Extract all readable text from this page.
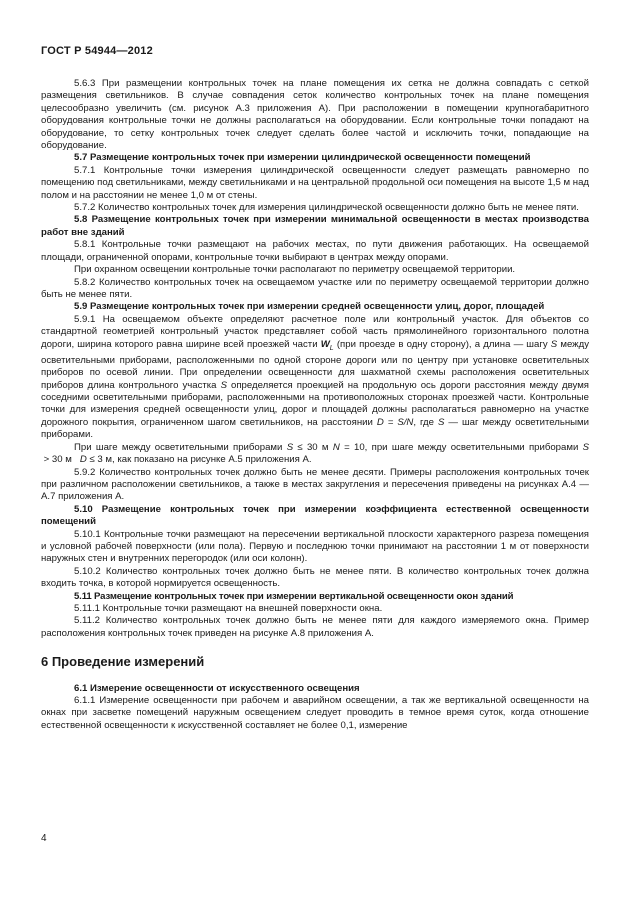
ГОСТ Р 54944—2012

5.6.3 При размещении контрольных точек на плане помещения их сетка не должна совпадать с сеткой размещения светильников. В случае совпадения сеток количество контрольных точек на плане помещения целесообразно увеличить (см. рисунок А.3 приложения А). При расположении в помещении крупногабаритного оборудования контрольные точки не должны располагаться на оборудовании. Если контрольные точки попадают на оборудование, то сетку контрольных точек следует сделать более частой и исключить точки, попадающие на оборудование.

5.7 Размещение контрольных точек при измерении цилиндрической освещенности помещений

5.7.1 Контрольные точки измерения цилиндрической освещенности следует размещать равномерно по помещению под светильниками, между светильниками и на центральной продольной оси помещения на высоте 1,5 м над полом и на расстоянии не менее 1,0 м от стены.

5.7.2 Количество контрольных точек для измерения цилиндрической освещенности должно быть не менее пяти.

5.8 Размещение контрольных точек при измерении минимальной освещенности в местах производства работ вне зданий

5.8.1 Контрольные точки размещают на рабочих местах, по пути движения работающих. На освещаемой площади, ограниченной опорами, контрольные точки выбирают в центрах между опорами.

При охранном освещении контрольные точки располагают по периметру освещаемой территории.

5.8.2 Количество контрольных точек на освещаемом участке или по периметру освещаемой территории должно быть не менее пяти.

5.9 Размещение контрольных точек при измерении средней освещенности улиц, дорог, площадей

5.9.1 На освещаемом объекте определяют расчетное поле или контрольный участок. Для объектов со стандартной геометрией контрольный участок представляет собой часть прямолинейного горизонтального полотна дороги, ширина которого равна ширине всей проезжей части $W_L$ (при проезде в одну сторону), а длина — шагу S между осветительными приборами, расположенными по одной стороне дороги или по центру при установке осветительных приборов по осевой линии. При определении освещенности для шахматной схемы расположения осветительных приборов длина контрольного участка S определяется проекцией на продольную ось дороги расстояния между двумя соседними осветительными приборами, расположенными на противоположных сторонах проезжей части. Контрольные точки для измерения средней освещенности улиц, дорог и площадей должны располагаться равномерно на участке дорожного покрытия, ограниченном шагом светильников, на расстоянии D = S/N, где S — шаг между осветительными приборами.

При шаге между осветительными приборами S ≤ 30 м N = 10, при шаге между осветительными приборами S > 30 м   D ≤ 3 м, как показано на рисунке А.5 приложения А.

5.9.2 Количество контрольных точек должно быть не менее десяти. Примеры расположения контрольных точек при различном расположении светильников, а также в местах закругления и пересечения приведены на рисунках А.4 — А.7 приложения А.

5.10 Размещение контрольных точек при измерении коэффициента естественной освещенности помещений

5.10.1 Контрольные точки размещают на пересечении вертикальной плоскости характерного разреза помещения и условной рабочей поверхности (или пола). Первую и последнюю точки принимают на расстоянии 1 м от поверхности наружных стен и внутренних перегородок (или оси колонн).

5.10.2 Количество контрольных точек должно быть не менее пяти. В количество контрольных точек должна входить точка, в которой нормируется освещенность.

5.11 Размещение контрольных точек при измерении вертикальной освещенности окон зданий

5.11.1 Контрольные точки размещают на внешней поверхности окна.

5.11.2 Количество контрольных точек должно быть не менее пяти для каждого измеряемого окна. Пример расположения контрольных точек приведен на рисунке А.8 приложения А.

6 Проведение измерений

6.1 Измерение освещенности от искусственного освещения

6.1.1 Измерение освещенности при рабочем и аварийном освещении, а так же вертикальной освещенности на окнах при засветке помещений наружным освещением следует проводить в темное время суток, когда отношение естественной освещенности к искусственной составляет не более 0,1, измерение

4
